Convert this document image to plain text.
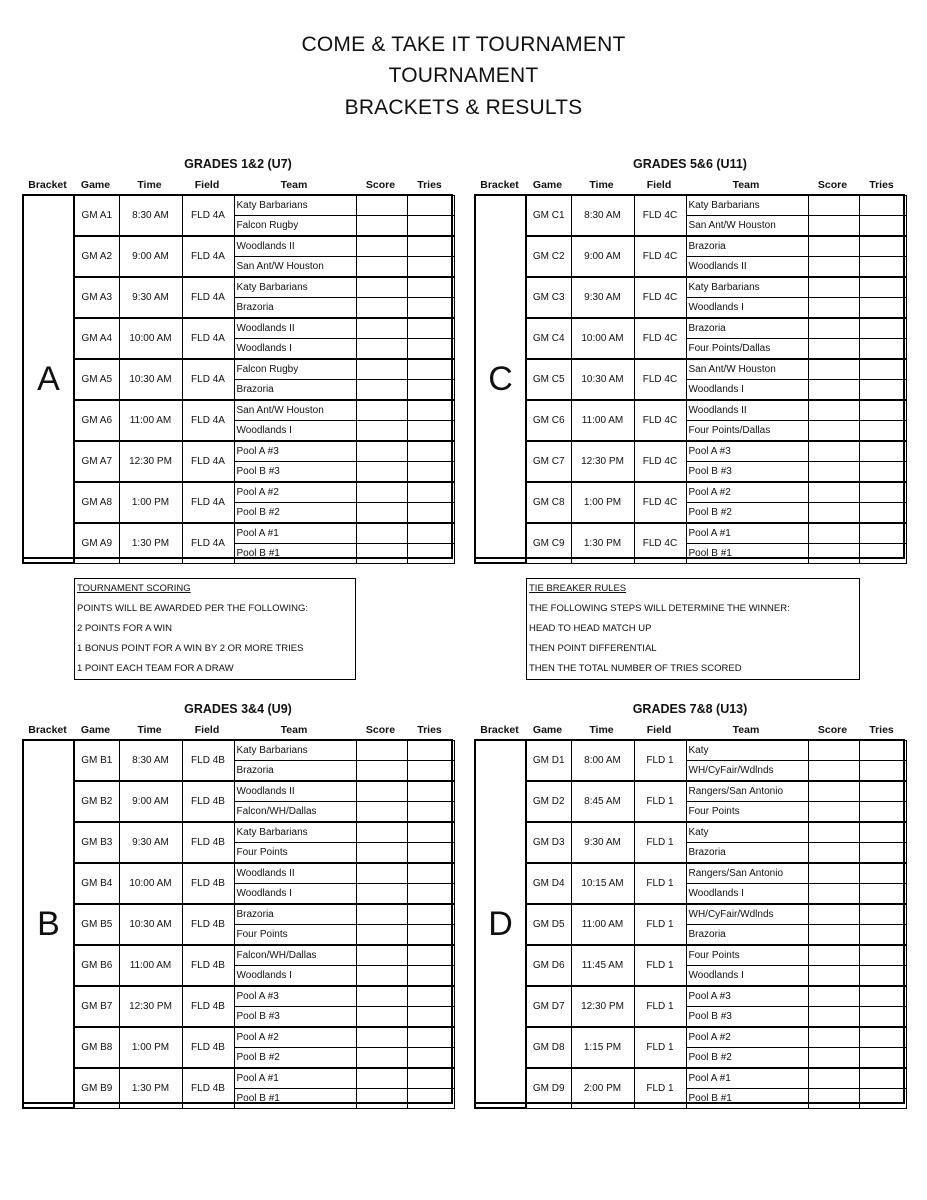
COME & TAKE IT TOURNAMENT
TOURNAMENT
BRACKETS & RESULTS
GRADES 1&2 (U7)
Bracket	Game	Time	Field	Team	Score	Tries
A	GM A1	8:30 AM	FLD 4A	Katy Barbarians		
				Falcon Rugby		
	GM A2	9:00 AM	FLD 4A	Woodlands II		
				San Ant/W Houston		
	GM A3	9:30 AM	FLD 4A	Katy Barbarians		
				Brazoria		
	GM A4	10:00 AM	FLD 4A	Woodlands II		
				Woodlands I		
	GM A5	10:30 AM	FLD 4A	Falcon Rugby		
				Brazoria		
	GM A6	11:00 AM	FLD 4A	San Ant/W Houston		
				Woodlands I		
	GM A7	12:30 PM	FLD 4A	Pool A #3		
				Pool B #3		
	GM A8	1:00 PM	FLD 4A	Pool A #2		
				Pool B #2		
	GM A9	1:30 PM	FLD 4A	Pool A #1		
				Pool B #1		
GRADES 5&6 (U11)
Bracket	Game	Time	Field	Team	Score	Tries
C	GM C1	8:30 AM	FLD 4C	Katy Barbarians		
				San Ant/W Houston		
	GM C2	9:00 AM	FLD 4C	Brazoria		
				Woodlands II		
	GM C3	9:30 AM	FLD 4C	Katy Barbarians		
				Woodlands I		
	GM C4	10:00 AM	FLD 4C	Brazoria		
				Four Points/Dallas		
	GM C5	10:30 AM	FLD 4C	San Ant/W Houston		
				Woodlands I		
	GM C6	11:00 AM	FLD 4C	Woodlands II		
				Four Points/Dallas		
	GM C7	12:30 PM	FLD 4C	Pool A #3		
				Pool B #3		
	GM C8	1:00 PM	FLD 4C	Pool A #2		
				Pool B #2		
	GM C9	1:30 PM	FLD 4C	Pool A #1		
				Pool B #1		
GRADES 3&4 (U9)
Bracket	Game	Time	Field	Team	Score	Tries
B	GM B1	8:30 AM	FLD 4B	Katy Barbarians		
				Brazoria		
	GM B2	9:00 AM	FLD 4B	Woodlands II		
				Falcon/WH/Dallas		
	GM B3	9:30 AM	FLD 4B	Katy Barbarians		
				Four Points		
	GM B4	10:00 AM	FLD 4B	Woodlands II		
				Woodlands I		
	GM B5	10:30 AM	FLD 4B	Brazoria		
				Four Points		
	GM B6	11:00 AM	FLD 4B	Falcon/WH/Dallas		
				Woodlands I		
	GM B7	12:30 PM	FLD 4B	Pool A #3		
				Pool B #3		
	GM B8	1:00 PM	FLD 4B	Pool A #2		
				Pool B #2		
	GM B9	1:30 PM	FLD 4B	Pool A #1		
				Pool B #1		
GRADES 7&8 (U13)
Bracket	Game	Time	Field	Team	Score	Tries
D	GM D1	8:00 AM	FLD 1	Katy		
				WH/CyFair/Wdlnds		
	GM D2	8:45 AM	FLD 1	Rangers/San Antonio		
				Four Points		
	GM D3	9:30 AM	FLD 1	Katy		
				Brazoria		
	GM D4	10:15 AM	FLD 1	Rangers/San Antonio		
				Woodlands I		
	GM D5	11:00 AM	FLD 1	WH/CyFair/Wdlnds		
				Brazoria		
	GM D6	11:45 AM	FLD 1	Four Points		
				Woodlands I		
	GM D7	12:30 PM	FLD 1	Pool A #3		
				Pool B #3		
	GM D8	1:15 PM	FLD 1	Pool A #2		
				Pool B #2		
	GM D9	2:00 PM	FLD 1	Pool A #1		
				Pool B #1		
TOURNAMENT SCORING
POINTS WILL BE AWARDED PER THE FOLLOWING:
2 POINTS FOR A WIN
1 BONUS POINT FOR A WIN BY 2 OR MORE TRIES
1 POINT EACH TEAM FOR A DRAW
TIE BREAKER RULES
THE FOLLOWING STEPS WILL DETERMINE THE WINNER:
HEAD TO HEAD MATCH UP
THEN POINT DIFFERENTIAL
THEN THE TOTAL NUMBER OF TRIES SCORED
